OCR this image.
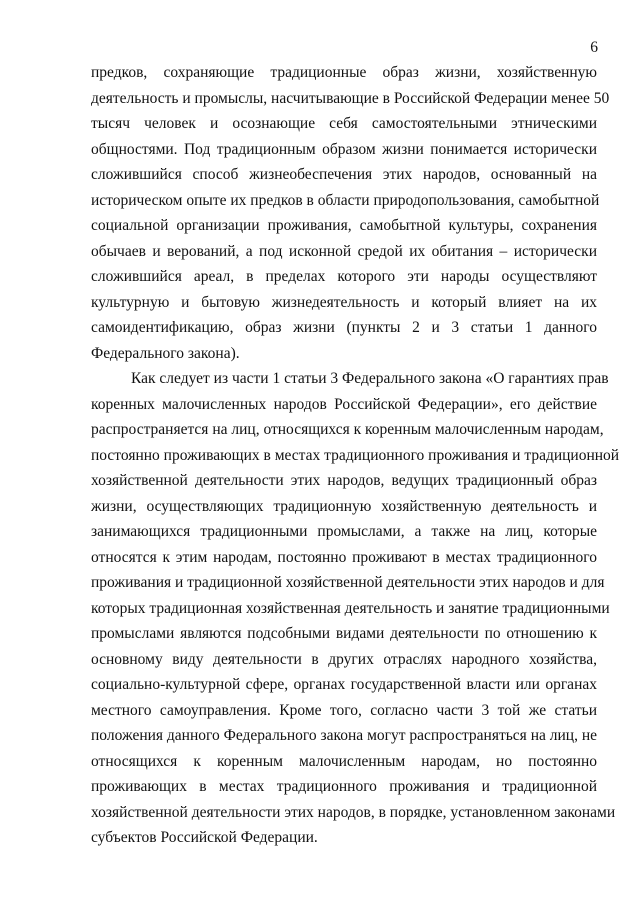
6
предков, сохраняющие традиционные образ жизни, хозяйственную
деятельность и промыслы, насчитывающие в Российской Федерации менее 50
тысяч человек и осознающие себя самостоятельными этническими
общностями. Под традиционным образом жизни понимается исторически
сложившийся способ жизнеобеспечения этих народов, основанный на
историческом опыте их предков в области природопользования, самобытной
социальной организации проживания, самобытной культуры, сохранения
обычаев и верований, а под исконной средой их обитания – исторически
сложившийся ареал, в пределах которого эти народы осуществляют
культурную и бытовую жизнедеятельность и который влияет на их
самоидентификацию, образ жизни (пункты 2 и 3 статьи 1 данного
Федерального закона).
Как следует из части 1 статьи 3 Федерального закона «О гарантиях прав
коренных малочисленных народов Российской Федерации», его действие
распространяется на лиц, относящихся к коренным малочисленным народам,
постоянно проживающих в местах традиционного проживания и традиционной
хозяйственной деятельности этих народов, ведущих традиционный образ
жизни, осуществляющих традиционную хозяйственную деятельность и
занимающихся традиционными промыслами, а также на лиц, которые
относятся к этим народам, постоянно проживают в местах традиционного
проживания и традиционной хозяйственной деятельности этих народов и для
которых традиционная хозяйственная деятельность и занятие традиционными
промыслами являются подсобными видами деятельности по отношению к
основному виду деятельности в других отраслях народного хозяйства,
социально-культурной сфере, органах государственной власти или органах
местного самоуправления. Кроме того, согласно части 3 той же статьи
положения данного Федерального закона могут распространяться на лиц, не
относящихся к коренным малочисленным народам, но постоянно
проживающих в местах традиционного проживания и традиционной
хозяйственной деятельности этих народов, в порядке, установленном законами
субъектов Российской Федерации.
